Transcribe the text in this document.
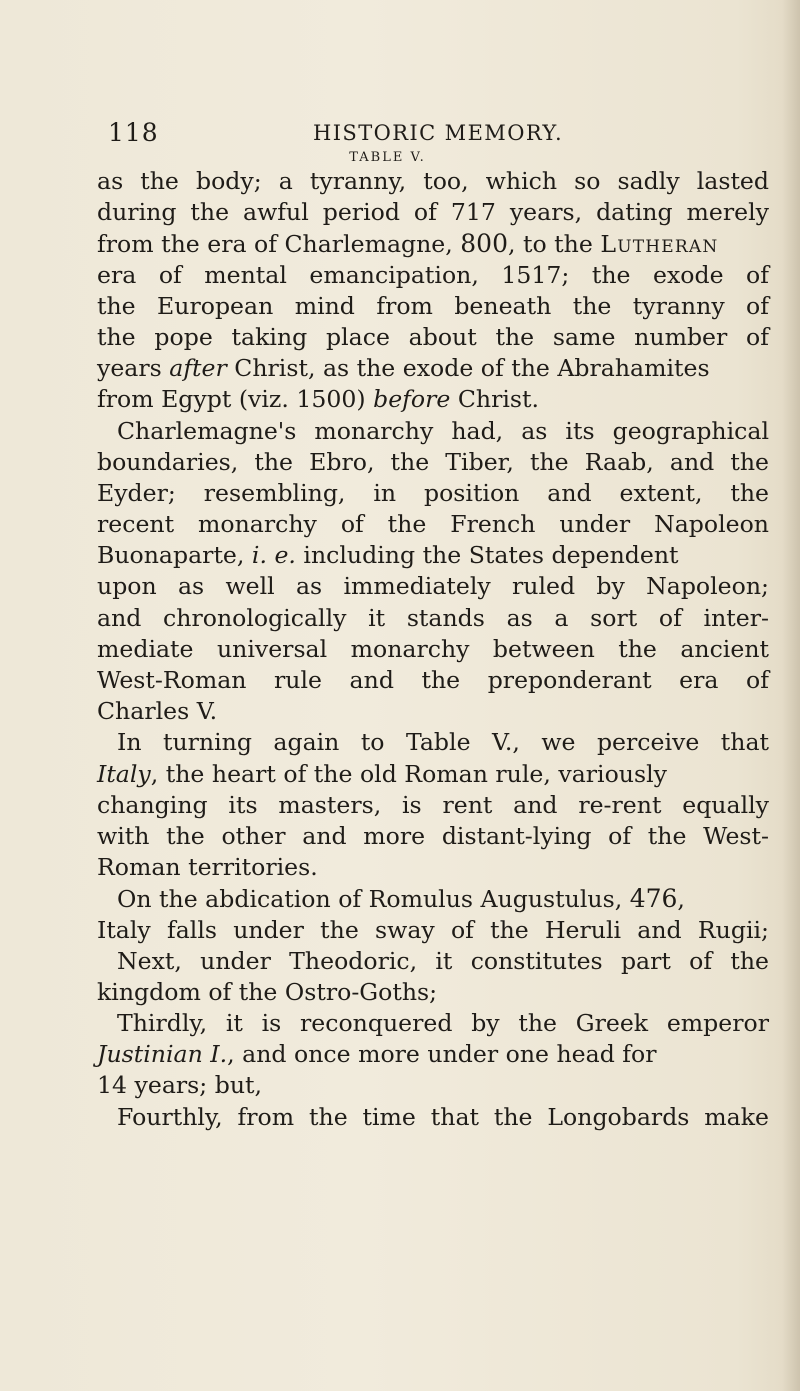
118	HISTORIC MEMORY.
TABLE V.
as the body; a tyranny, too, which so sadly lasted
during the awful period of 717 years, dating merely
from the era of Charlemagne, 800, to the Lutheran
era of mental emancipation, 1517; the exode of
the European mind from beneath the tyranny of
the pope taking place about the same number of
years after Christ, as the exode of the Abrahamites
from Egypt (viz. 1500) before Christ.
Charlemagne's monarchy had, as its geographical
boundaries, the Ebro, the Tiber, the Raab, and the
Eyder; resembling, in position and extent, the
recent monarchy of the French under Napoleon
Buonaparte, i. e. including the States dependent
upon as well as immediately ruled by Napoleon;
and chronologically it stands as a sort of inter-
mediate universal monarchy between the ancient
West-Roman rule and the preponderant era of
Charles V.
In turning again to Table V., we perceive that
Italy, the heart of the old Roman rule, variously
changing its masters, is rent and re-rent equally
with the other and more distant-lying of the West-
Roman territories.
On the abdication of Romulus Augustulus, 476,
Italy falls under the sway of the Heruli and Rugii;
Next, under Theodoric, it constitutes part of the
kingdom of the Ostro-Goths;
Thirdly, it is reconquered by the Greek emperor
Justinian I., and once more under one head for
14 years; but,
Fourthly, from the time that the Longobards make
